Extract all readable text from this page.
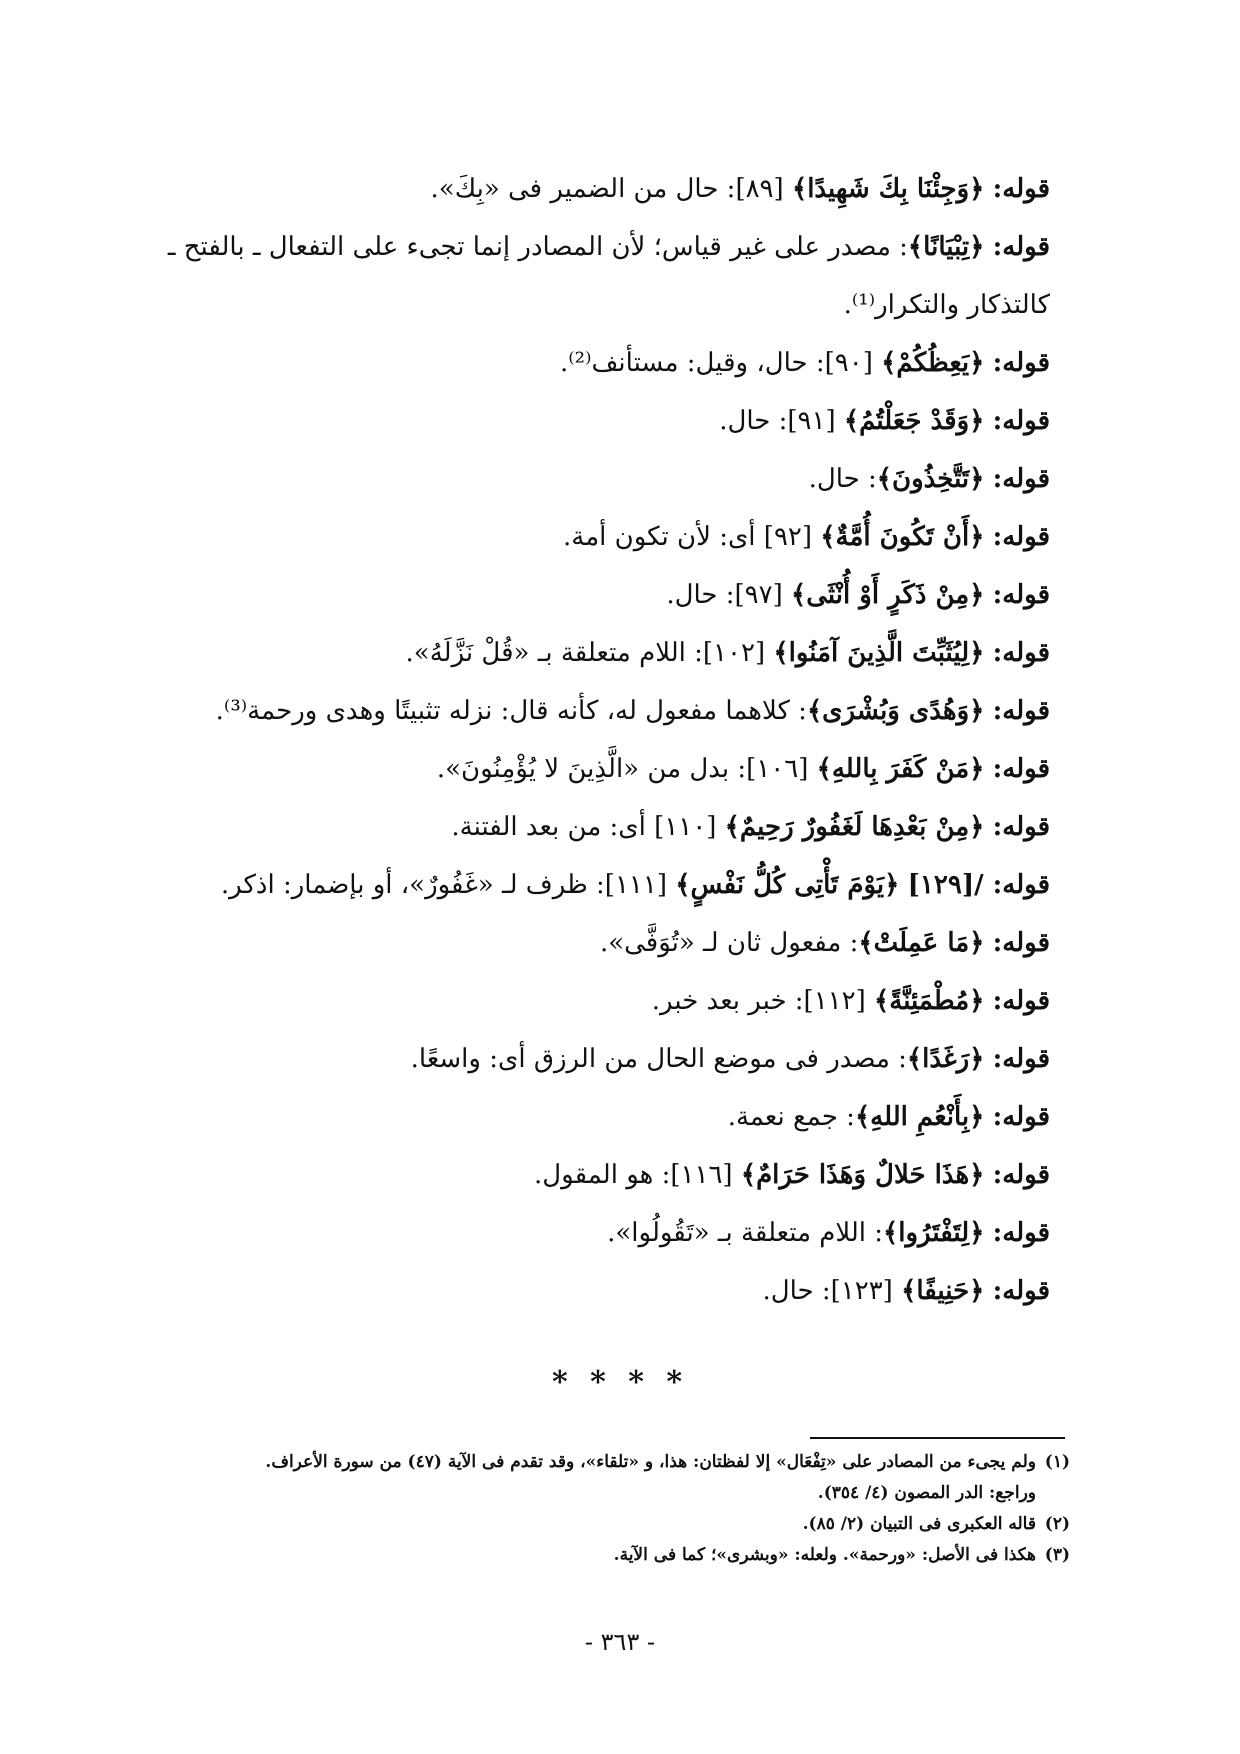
قوله: ﴿وَجِئْنَا بِكَ شَهِيدًا﴾ [٨٩]: حال من الضمير فى «بِكَ».
قوله: ﴿تِبْيَانًا﴾: مصدر على غير قياس؛ لأن المصادر إنما تجىء على التفعال ـ بالفتح ـ
كالتذكار والتكرار⁽¹⁾.
قوله: ﴿يَعِظُكُمْ﴾ [٩٠]: حال، وقيل: مستأنف⁽²⁾.
قوله: ﴿وَقَدْ جَعَلْتُمُ﴾ [٩١]: حال.
قوله: ﴿تَتَّخِذُونَ﴾: حال.
قوله: ﴿أَنْ تَكُونَ أُمَّةٌ﴾ [٩٢] أى: لأن تكون أمة.
قوله: ﴿مِنْ ذَكَرٍ أَوْ أُنْثَى﴾ [٩٧]: حال.
قوله: ﴿لِيُثَبِّتَ الَّذِينَ آمَنُوا﴾ [١٠٢]: اللام متعلقة بـ «قُلْ نَزَّلَهُ».
قوله: ﴿وَهُدًى وَبُشْرَى﴾: كلاهما مفعول له، كأنه قال: نزله تثبيتًا وهدى ورحمة⁽³⁾.
قوله: ﴿مَنْ كَفَرَ بِاللهِ﴾ [١٠٦]: بدل من «الَّذِينَ لا يُؤْمِنُونَ».
قوله: ﴿مِنْ بَعْدِهَا لَغَفُورٌ رَحِيمٌ﴾ [١١٠] أى: من بعد الفتنة.
قوله: /[١٢٩] ﴿يَوْمَ تَأْتِى كُلُّ نَفْسٍ﴾ [١١١]: ظرف لـ «غَفُورٌ»، أو بإضمار: اذكر.
قوله: ﴿مَا عَمِلَتْ﴾: مفعول ثان لـ «تُوَفَّى».
قوله: ﴿مُطْمَئِنَّةً﴾ [١١٢]: خبر بعد خبر.
قوله: ﴿رَغَدًا﴾: مصدر فى موضع الحال من الرزق أى: واسعًا.
قوله: ﴿بِأَنْعُمِ اللهِ﴾: جمع نعمة.
قوله: ﴿هَذَا حَلالٌ وَهَذَا حَرَامٌ﴾ [١١٦]: هو المقول.
قوله: ﴿لِتَفْتَرُوا﴾: اللام متعلقة بـ «تَقُولُوا».
قوله: ﴿حَنِيفًا﴾ [١٢٣]: حال.
* * * *
(١)ولم يجىء من المصادر على «تِفْعَال» إلا لفظتان: هذا، و «تلقاء»، وقد تقدم فى الآية (٤٧) من سورة الأعراف.
وراجع: الدر المصون (٤/ ٣٥٤).
(٢)قاله العكبرى فى التبيان (٢/ ٨٥).
(٣)هكذا فى الأصل: «ورحمة». ولعله: «وبشرى»؛ كما فى الآية.
- ٣٦٣ -
